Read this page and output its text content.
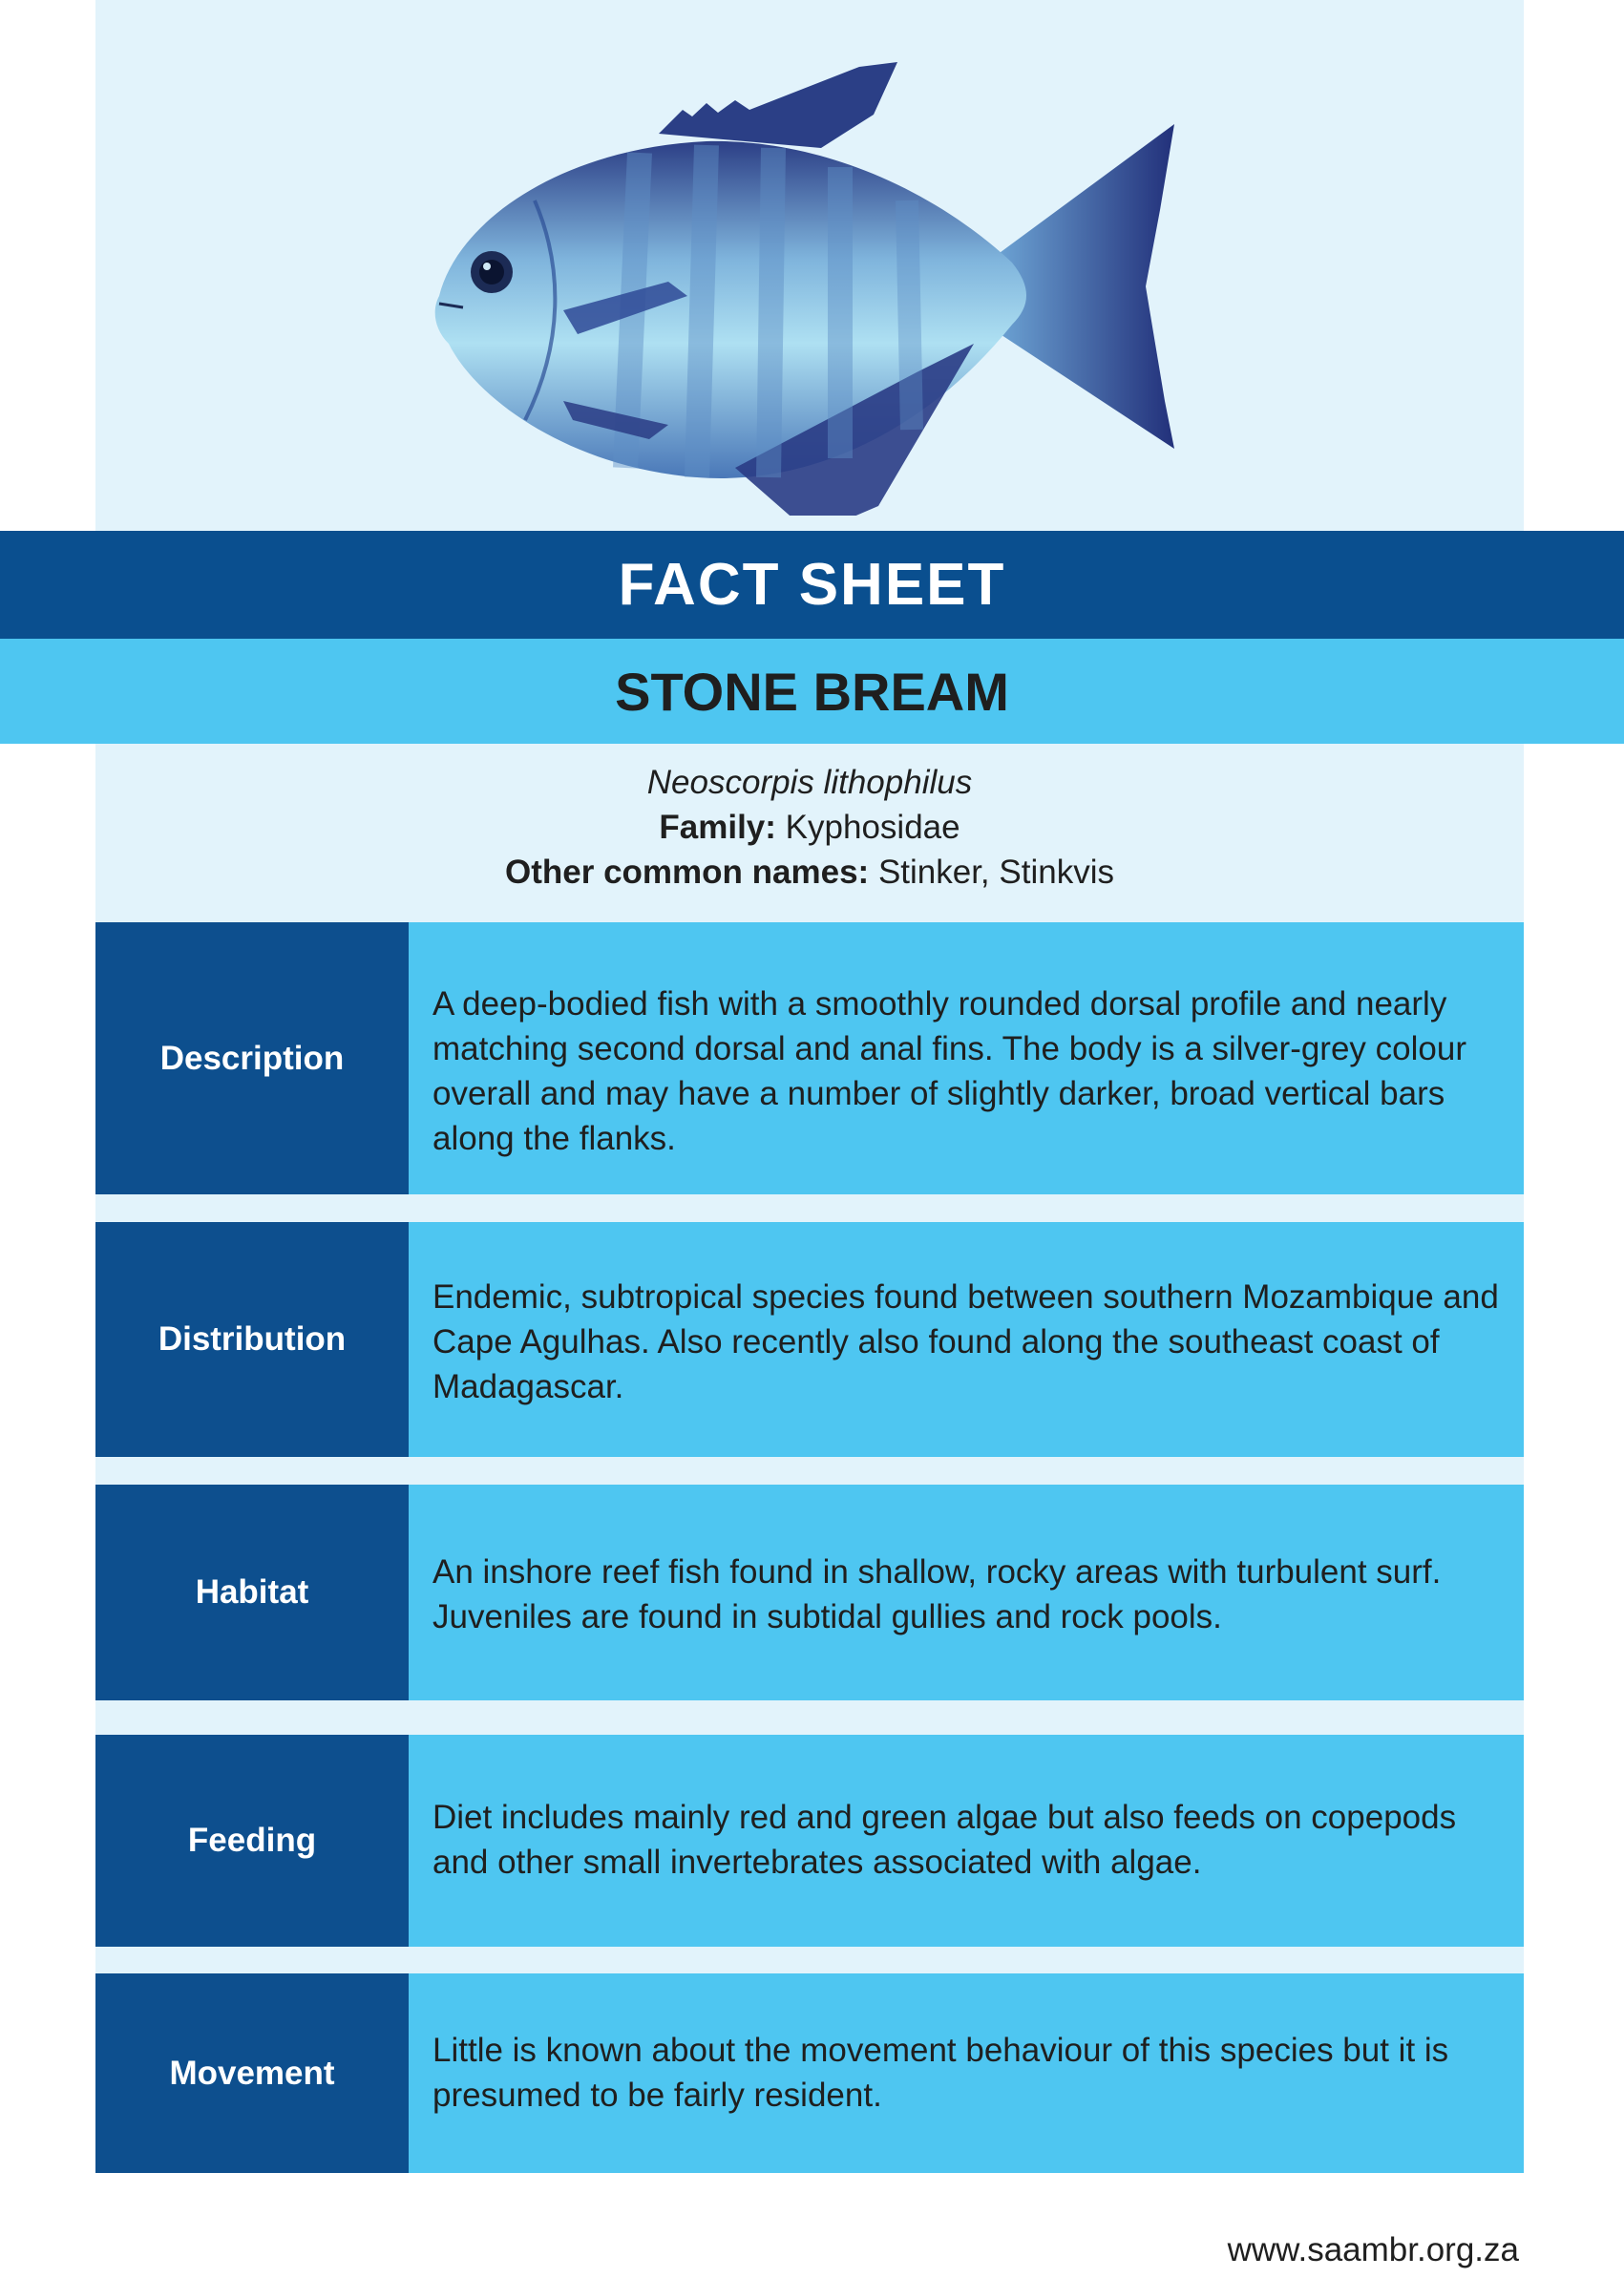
FACT SHEET
STONE BREAM
Neoscorpis lithophilus
Family: Kyphosidae
Other common names: Stinker, Stinkvis
Description
A deep-bodied fish with a smoothly rounded dorsal profile and nearly matching second dorsal and anal fins. The body is a silver-grey colour overall and may have a number of slightly darker, broad vertical bars along the flanks.
Distribution
Endemic, subtropical species found between southern Mozambique and Cape Agulhas. Also recently also found along the southeast coast of Madagascar.
Habitat
An inshore reef fish found in shallow, rocky areas with turbulent surf. Juveniles are found in subtidal gullies and rock pools.
Feeding
Diet includes mainly red and green algae but also feeds on copepods and other small invertebrates associated with algae.
Movement
Little is known about the movement behaviour of this species but it is presumed to be fairly resident.
www.saambr.org.za
